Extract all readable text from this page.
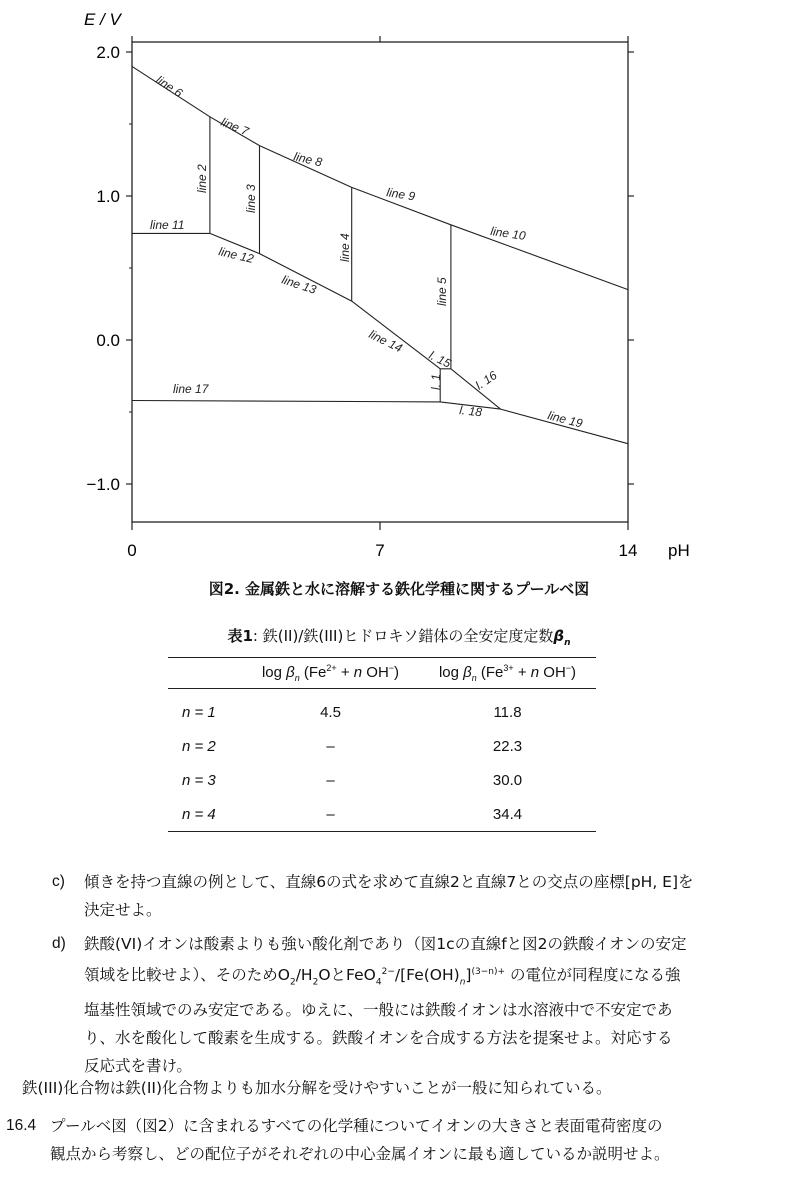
line 6
line 7
line 8
line 9
line 10
line 2
line 3
line 4
line 5
line 11
line 12
line 13
line 14
l. 15
l. 1 l. 16
line 17
l. 18	line 19
2.0
1.0
0.0
−1.0
0	7	14
E / V
pH
図2. 金属鉄と水に溶解する鉄化学種に関するプールベ図
表1: 鉄(II)/鉄(III)ヒドロキソ錯体の全安定度定数$\beta_n$
	$\log \beta_n$ ($Fe^{2+} + n$ OH−)	$\log \beta_n$ ($Fe^{3+} + n$ OH−)
n = 1	4.5	11.8
n = 2	–	22.3
n = 3	–	30.0
n = 4	–	34.4
c) 傾きを持つ直線の例として、直線6の式を求めて直線2と直線7との交点の座標[pH, E]を
決定せよ。
d) 鉄酸(VI)イオンは酸素よりも強い酸化剤であり（図1cの直線fと図2の鉄酸イオンの安定
領域を比較せよ）、そのため$O_2/H_2O$と$FeO_4^{2-}/[Fe(OH)_n]^{(3-n)+}$ の電位が同程度になる強
塩基性領域でのみ安定である。ゆえに、一般には鉄酸イオンは水溶液中で不安定であ
り、水を酸化して酸素を生成する。鉄酸イオンを合成する方法を提案せよ。対応する
反応式を書け。
鉄(III)化合物は鉄(II)化合物よりも加水分解を受けやすいことが一般に知られている。
16.4 プールベ図（図2）に含まれるすべての化学種についてイオンの大きさと表面電荷密度の
観点から考察し、どの配位子がそれぞれの中心金属イオンに最も適しているか説明せよ。
